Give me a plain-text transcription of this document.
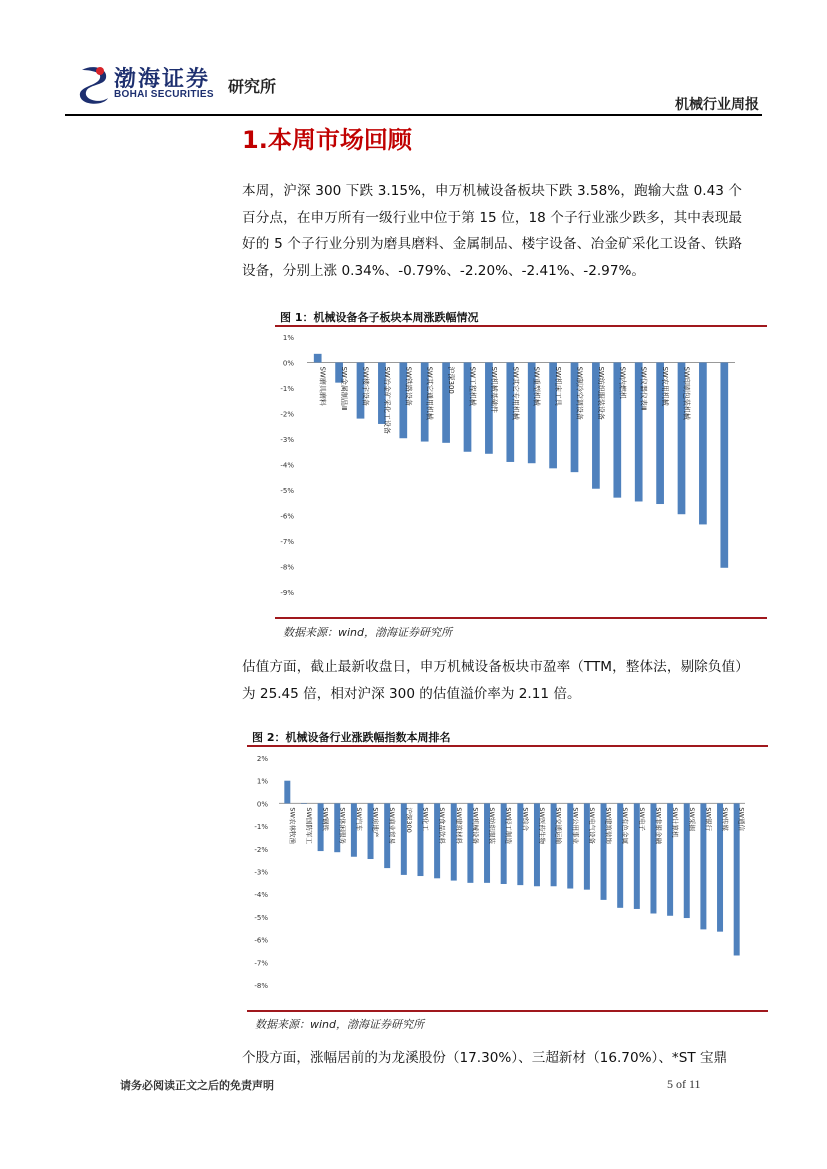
渤海证券
BOHAI SECURITIES 研究所
机械行业周报
1.本周市场回顾
本周，沪深 300 下跌 3.15%，申万机械设备板块下跌 3.58%，跑输大盘 0.43 个百分点，在申万所有一级行业中位于第 15 位，18 个子行业涨少跌多，其中表现最好的 5 个子行业分别为磨具磨料、金属制品、楼宇设备、冶金矿采化工设备、铁路设备，分别上涨 0.34%、-0.79%、-2.20%、-2.41%、-2.97%。
图 1：机械设备各子板块本周涨跌幅情况
1%
0%
-1%
-2%
-3%
-4%
-5%
-6%
-7%
-8%
-9%
SW磨具磨料 SW金属制品Ⅲ SW楼宇设备 SW冶金矿采化工设备 SW铁路设备 SW其它通用机械 沪深300 SW工程机械 SW机械基础件 SW其它专用机械 SW重型机械 SW机床工具 SW制冷空调设备 SW纺织服装设备 SW内燃机 SW仪器仪表Ⅲ SW农用机械 SW印刷包装机械
数据来源：wind，渤海证券研究所
估值方面，截止最新收盘日，申万机械设备板块市盈率（TTM，整体法，剔除负值）为 25.45 倍，相对沪深 300 的估值溢价率为 2.11 倍。
图 2：机械设备行业涨跌幅指数本周排名
2%
1%
0%
-1%
-2%
-3%
-4%
-5%
-6%
-7%
-8%
SW农林牧渔 SW国防军工 SW钢铁 SW休闲服务 SW汽车 SW房地产 SW商业贸易 沪深300 SW化工 SW食品饮料 SW建筑材料 SW机械设备 SW纺织服装 SW轻工制造 SW综合 SW医药生物 SW交通运输 SW公用事业 SW电气设备 SW建筑装饰 SW有色金属 SW电子 SW非银金融 SW计算机 SW采掘 SW银行 SW传媒 SW通信
数据来源：wind，渤海证券研究所
个股方面，涨幅居前的为龙溪股份（17.30%）、三超新材（16.70%）、*ST 宝鼎
请务必阅读正文之后的免责声明	5 of 11
